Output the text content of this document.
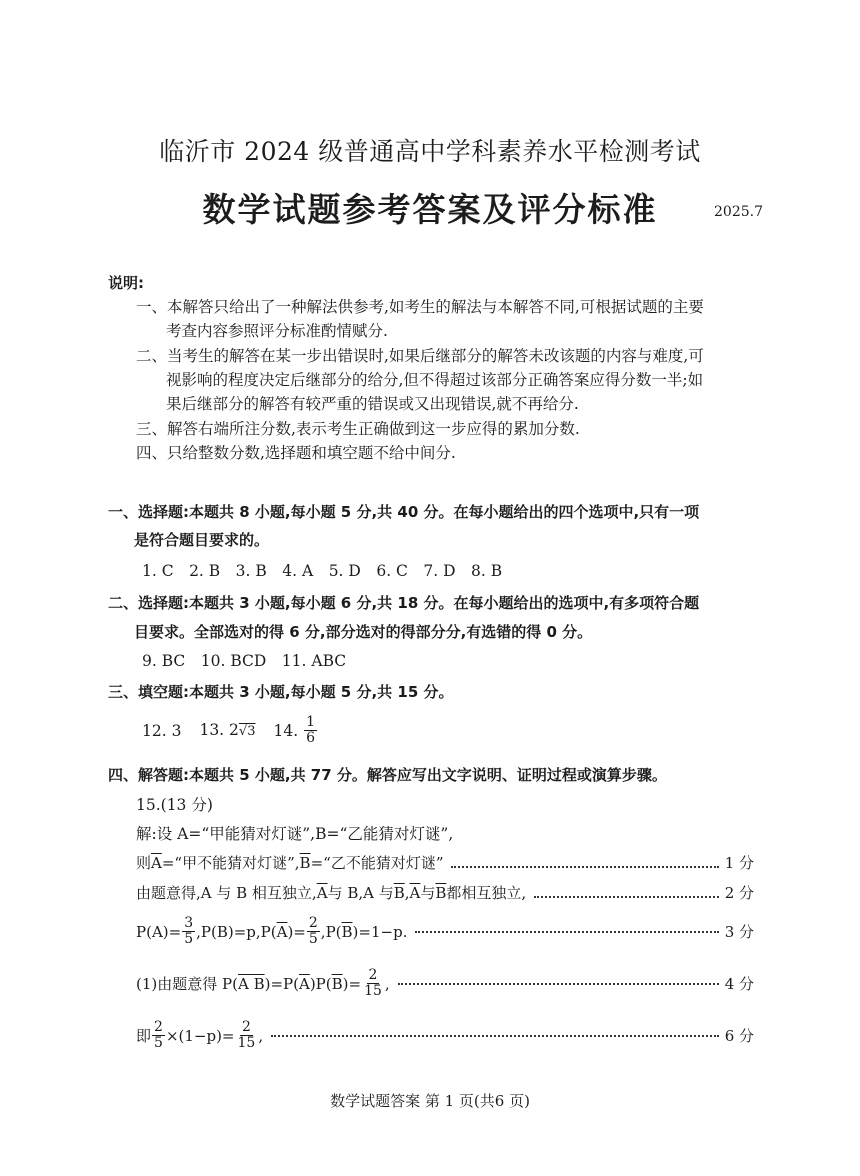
临沂市 2024 级普通高中学科素养水平检测考试
数学试题参考答案及评分标准	2025.7
说明:
一、本解答只给出了一种解法供参考,如考生的解法与本解答不同,可根据试题的主要
考查内容参照评分标准酌情赋分.
二、当考生的解答在某一步出错误时,如果后继部分的解答未改该题的内容与难度,可
视影响的程度决定后继部分的给分,但不得超过该部分正确答案应得分数一半;如
果后继部分的解答有较严重的错误或又出现错误,就不再给分.
三、解答右端所注分数,表示考生正确做到这一步应得的累加分数.
四、只给整数分数,选择题和填空题不给中间分.
一、选择题:本题共 8 小题,每小题 5 分,共 40 分。在每小题给出的四个选项中,只有一项
是符合题目要求的。
1. C　2. B　3. B　4. A　5. D　6. C　7. D　8. B
二、选择题:本题共 3 小题,每小题 6 分,共 18 分。在每小题给出的选项中,有多项符合题
目要求。全部选对的得 6 分,部分选对的得部分分,有选错的得 0 分。
9. BC　10. BCD　11. ABC
三、填空题:本题共 3 小题,每小题 5 分,共 15 分。
12. 3 13. 2√3 14. $\frac{1}{6}$
四、解答题:本题共 5 小题,共 77 分。解答应写出文字说明、证明过程或演算步骤。
15.(13 分)
解:设 A=“甲能猜对灯谜”,B=“乙能猜对灯谜”,
则 $\overline{A}$ =“甲不能猜对灯谜”, $\overline{B}$ =“乙不能猜对灯谜”	1 分
由题意得,A 与 B 相互独立, $\overline{A}$ 与 B,A 与 $\overline{B}$ , $\overline{A}$ 与 $\overline{B}$ 都相互独立,	2 分
$P(A)= \frac{3}{5} ,P(B)=p,P$( $\overline{A}$ )= $\frac{2}{5} ,P$( $\overline{B}$ )=1−p.	3 分
(1)由题意得 P( A B )=P( $\overline{A}$ )P( $\overline{B}$ )= $\frac{2}{15}$ ,	4 分
即 $\frac{2}{5} \times(1-p)= \frac{2}{15}$ ,	6 分
数学试题答案 第 1 页(共6 页)
